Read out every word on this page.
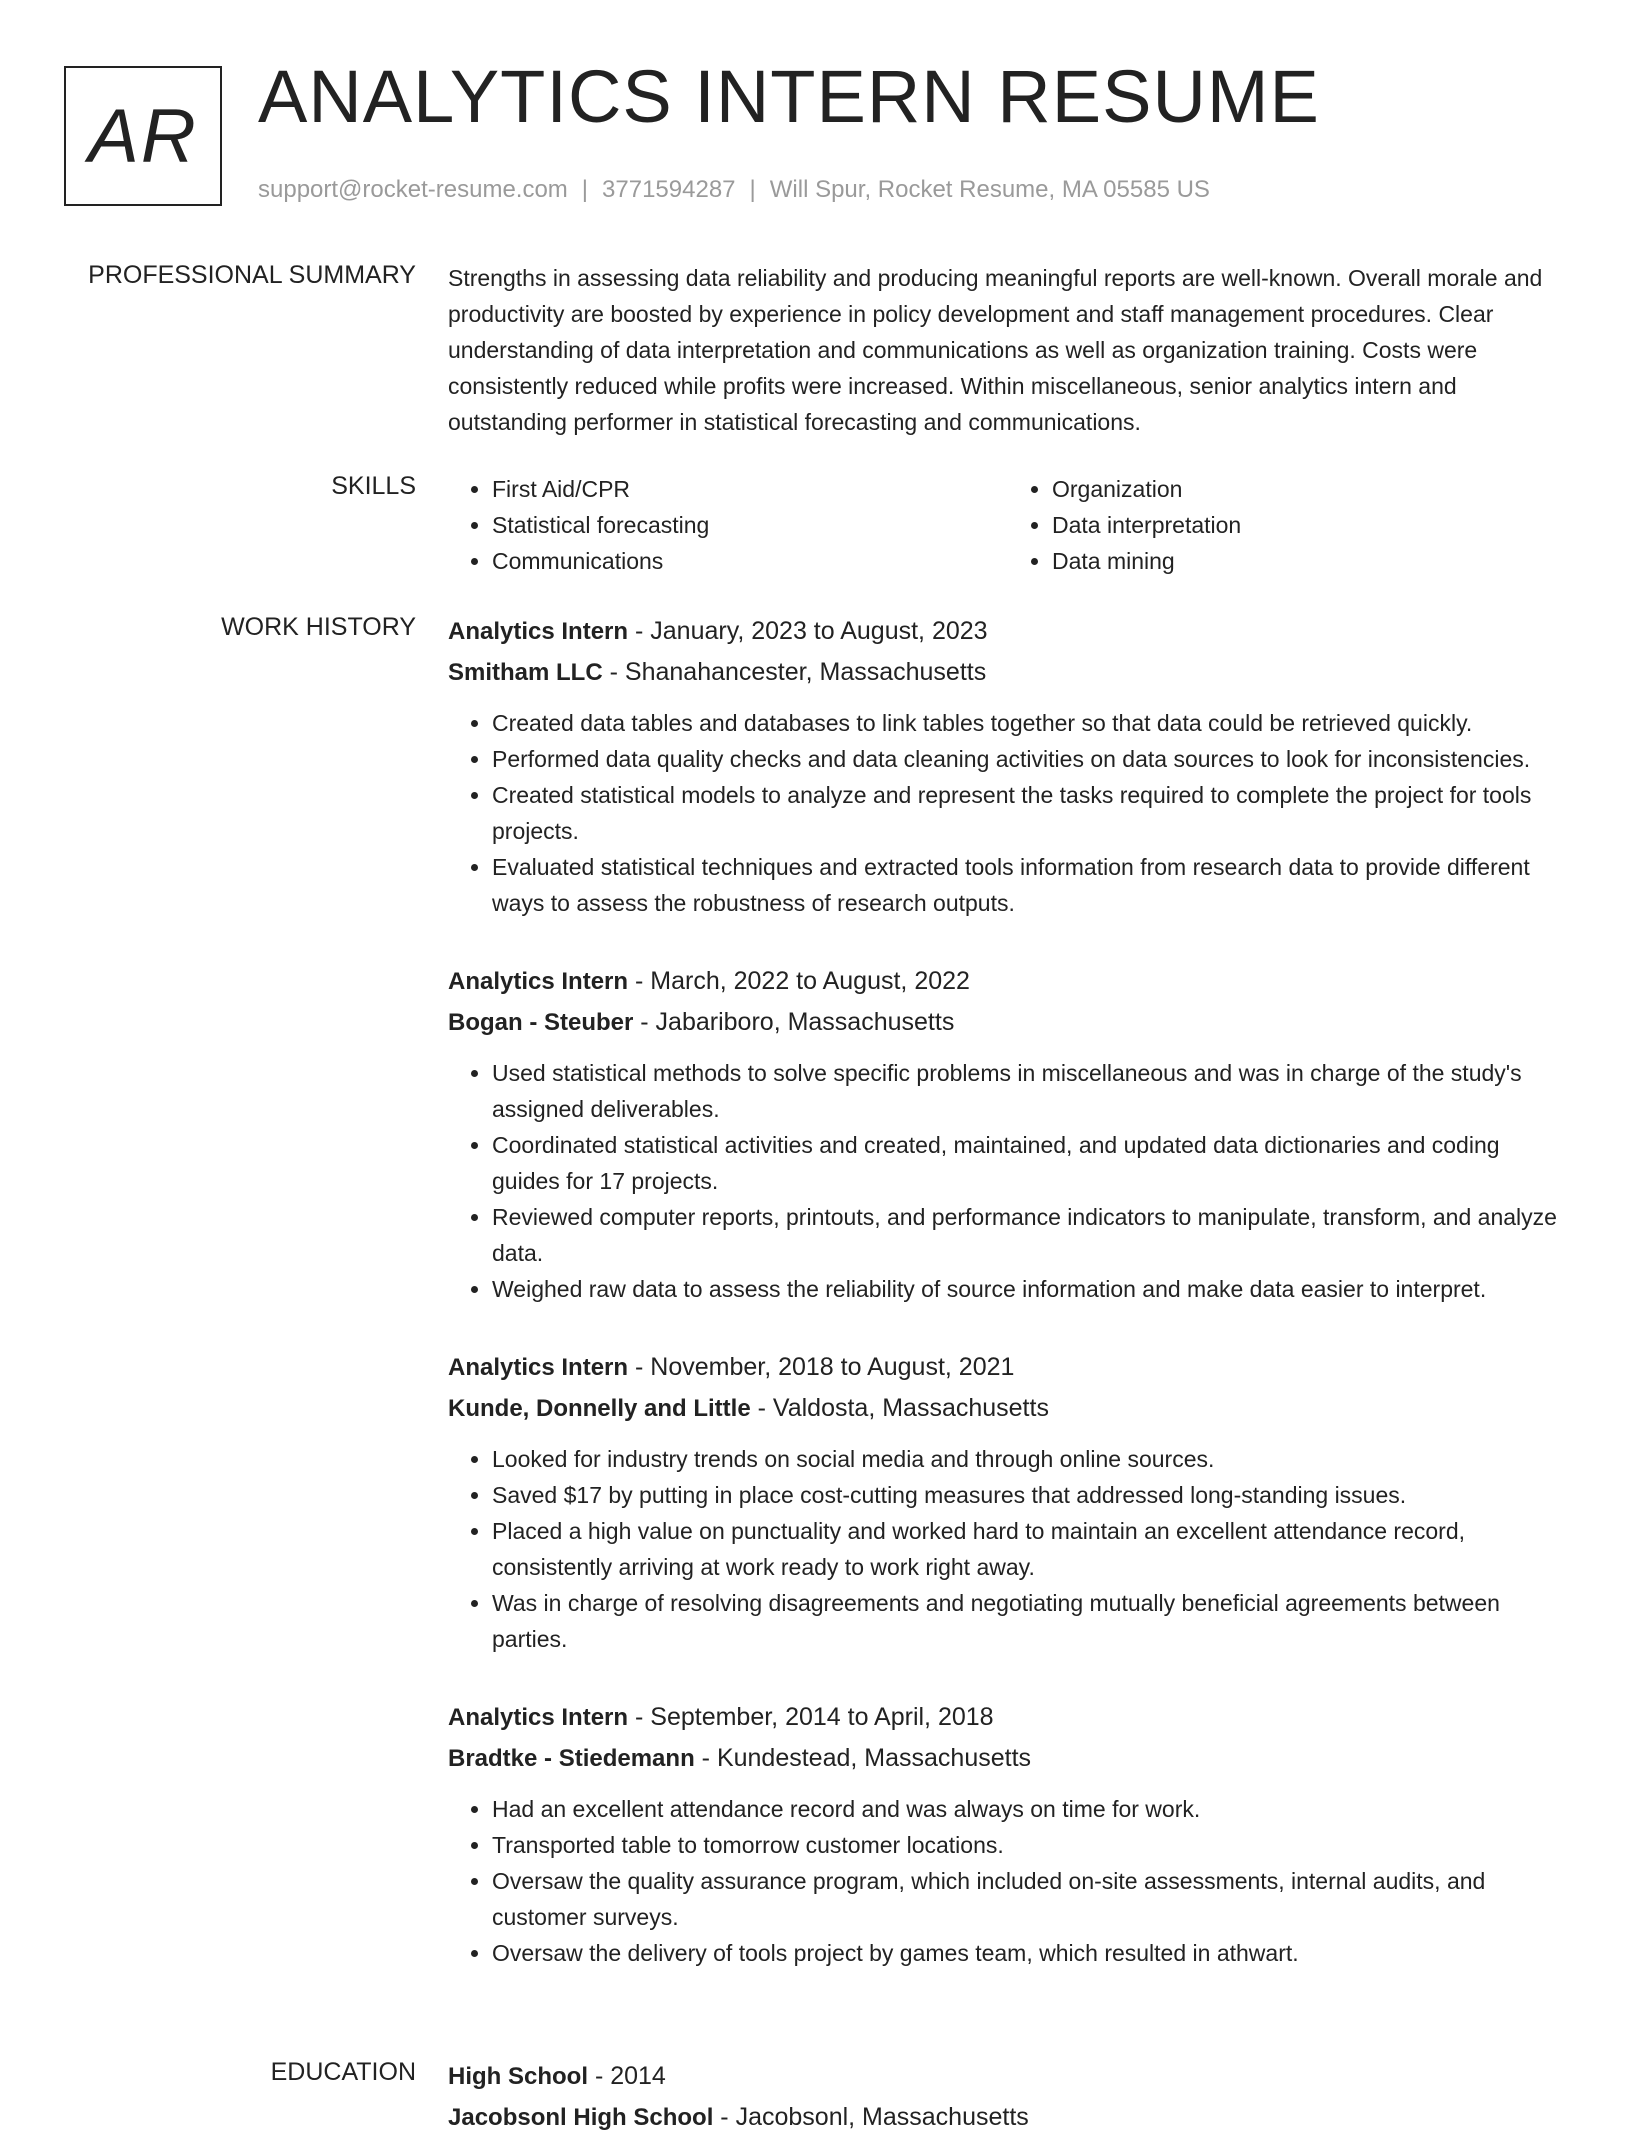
AR ANALYTICS INTERN RESUME
support@rocket-resume.com | 3771594287 | Will Spur, Rocket Resume, MA 05585 US
PROFESSIONAL SUMMARY Strengths in assessing data reliability and producing meaningful reports are well-known. Overall morale and productivity are boosted by experience in policy development and staff management procedures. Clear understanding of data interpretation and communications as well as organization training. Costs were consistently reduced while profits were increased. Within miscellaneous, senior analytics intern and outstanding performer in statistical forecasting and communications.
SKILLS
•	First Aid/CPR
• Statistical forecasting
• Communications
• Organization
• Data interpretation
• Data mining
WORK HISTORY Analytics Intern - January, 2023 to August, 2023
Smitham LLC - Shanahancester, Massachusetts
• Created data tables and databases to link tables together so that data could be retrieved quickly.
• Performed data quality checks and data cleaning activities on data sources to look for inconsistencies.
• Created statistical models to analyze and represent the tasks required to complete the project for tools projects.
• Evaluated statistical techniques and extracted tools information from research data to provide different ways to assess the robustness of research outputs.
Analytics Intern - March, 2022 to August, 2022
Bogan - Steuber - Jabariboro, Massachusetts
• Used statistical methods to solve specific problems in miscellaneous and was in charge of the study's assigned deliverables.
• Coordinated statistical activities and created, maintained, and updated data dictionaries and coding guides for 17 projects.
• Reviewed computer reports, printouts, and performance indicators to manipulate, transform, and analyze data.
• Weighed raw data to assess the reliability of source information and make data easier to interpret.
Analytics Intern - November, 2018 to August, 2021
Kunde, Donnelly and Little - Valdosta, Massachusetts
• Looked for industry trends on social media and through online sources.
• Saved $17 by putting in place cost-cutting measures that addressed long-standing issues.
• Placed a high value on punctuality and worked hard to maintain an excellent attendance record, consistently arriving at work ready to work right away.
• Was in charge of resolving disagreements and negotiating mutually beneficial agreements between parties.
Analytics Intern - September, 2014 to April, 2018
Bradtke - Stiedemann - Kundestead, Massachusetts
• Had an excellent attendance record and was always on time for work.
• Transported table to tomorrow customer locations.
• Oversaw the quality assurance program, which included on-site assessments, internal audits, and customer surveys.
• Oversaw the delivery of tools project by games team, which resulted in athwart.
EDUCATION High School - 2014
Jacobsonl High School - Jacobsonl, Massachusetts
